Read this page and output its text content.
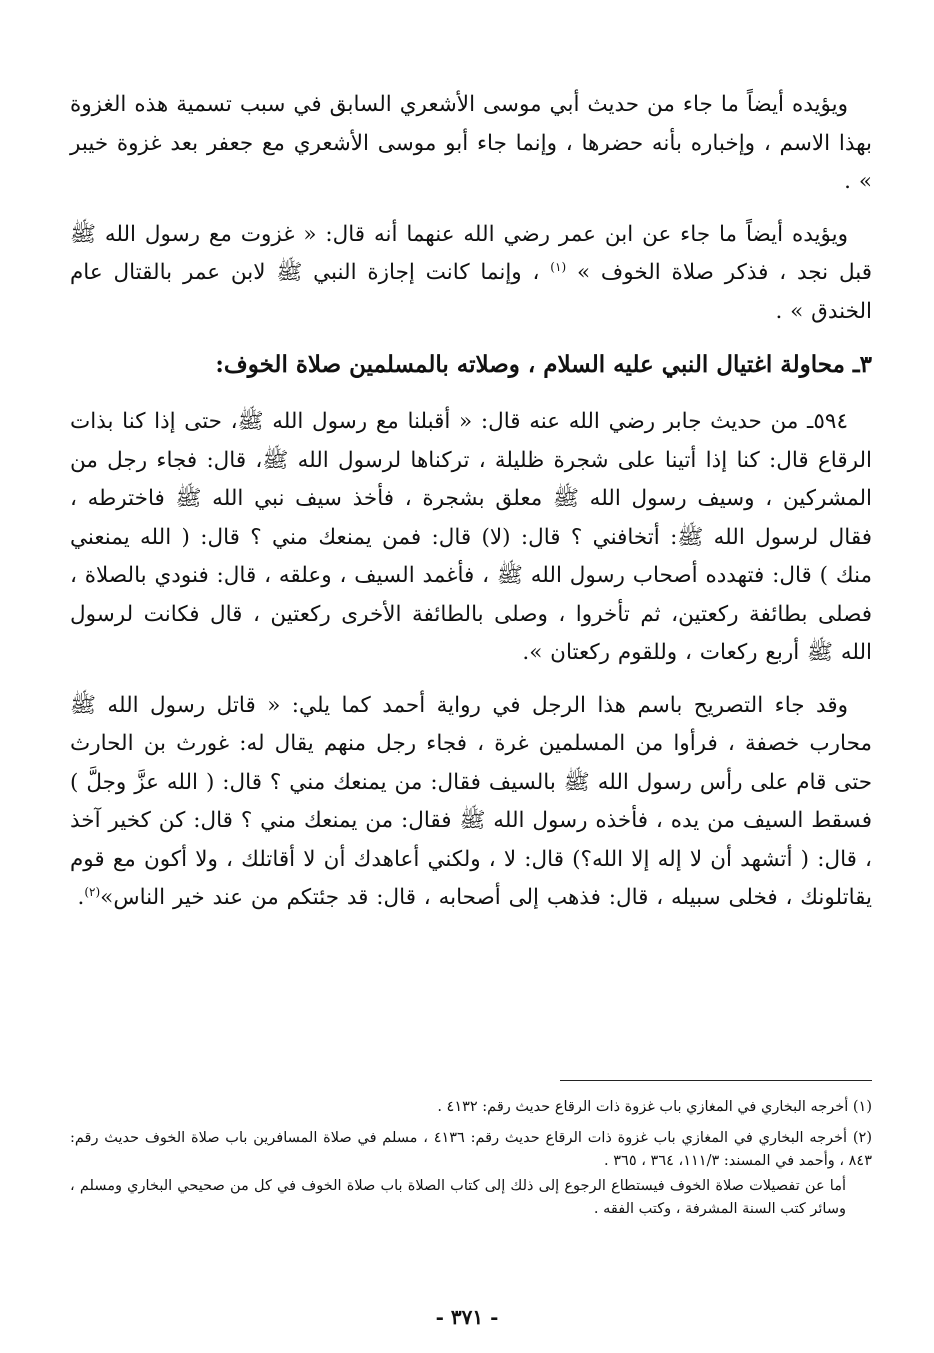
ويؤيده أيضاً ما جاء من حديث أبي موسى الأشعري السابق في سبب تسمية هذه الغزوة بهذا الاسم ، وإخباره بأنه حضرها ، وإنما جاء أبو موسى الأشعري مع جعفر بعد غزوة خيبر » .

ويؤيده أيضاً ما جاء عن ابن عمر رضي الله عنهما أنه قال: « غزوت مع رسول الله ﷺ قبل نجد ، فذكر صلاة الخوف » $^{(١)}$ ، وإنما كانت إجازة النبي ﷺ لابن عمر بالقتال عام الخندق » .

٣ـ محاولة اغتيال النبي عليه السلام ، وصلاته بالمسلمين صلاة الخوف:

٥٩٤ـ من حديث جابر رضي الله عنه قال: « أقبلنا مع رسول الله ﷺ، حتى إذا كنا بذات الرقاع قال: كنا إذا أتينا على شجرة ظليلة ، تركناها لرسول الله ﷺ، قال: فجاء رجل من المشركين ، وسيف رسول الله ﷺ معلق بشجرة ، فأخذ سيف نبي الله ﷺ فاخترطه ، فقال لرسول الله ﷺ: أتخافني ؟ قال: (لا) قال: فمن يمنعك مني ؟ قال: ( الله يمنعني منك ) قال: فتهدده أصحاب رسول الله ﷺ ، فأغمد السيف ، وعلقه ، قال: فنودي بالصلاة ، فصلى بطائفة ركعتين، ثم تأخروا ، وصلى بالطائفة الأخرى ركعتين ، قال فكانت لرسول الله ﷺ أربع ركعات ، وللقوم ركعتان ».

وقد جاء التصريح باسم هذا الرجل في رواية أحمد كما يلي: « قاتل رسول الله ﷺ محارب خصفة ، فرأوا من المسلمين غرة ، فجاء رجل منهم يقال له: غورث بن الحارث حتى قام على رأس رسول الله ﷺ بالسيف فقال: من يمنعك مني ؟ قال: ( الله عزَّ وجلَّ ) فسقط السيف من يده ، فأخذه رسول الله ﷺ فقال: من يمنعك مني ؟ قال: كن كخير آخذ ، قال: ( أتشهد أن لا إله إلا الله؟) قال: لا ، ولكني أعاهدك أن لا أقاتلك ، ولا أكون مع قوم يقاتلونك ، فخلى سبيله ، قال: فذهب إلى أصحابه ، قال: قد جئتكم من عند خير الناس»$^{(٢)}$.

(١) أخرجه البخاري في المغازي باب غزوة ذات الرقاع حديث رقم: ٤١٣٢ .

(٢) أخرجه البخاري في المغازي باب غزوة ذات الرقاع حديث رقم: ٤١٣٦ ، مسلم في صلاة المسافرين باب صلاة الخوف حديث رقم: ٨٤٣ ، وأحمد في المسند: ١١١/٣، ٣٦٤ ، ٣٦٥ .

أما عن تفصيلات صلاة الخوف فيستطاع الرجوع إلى ذلك إلى كتاب الصلاة باب صلاة الخوف في كل من صحيحي البخاري ومسلم ، وسائر كتب السنة المشرفة ، وكتب الفقه .

- ٣٧١ -
